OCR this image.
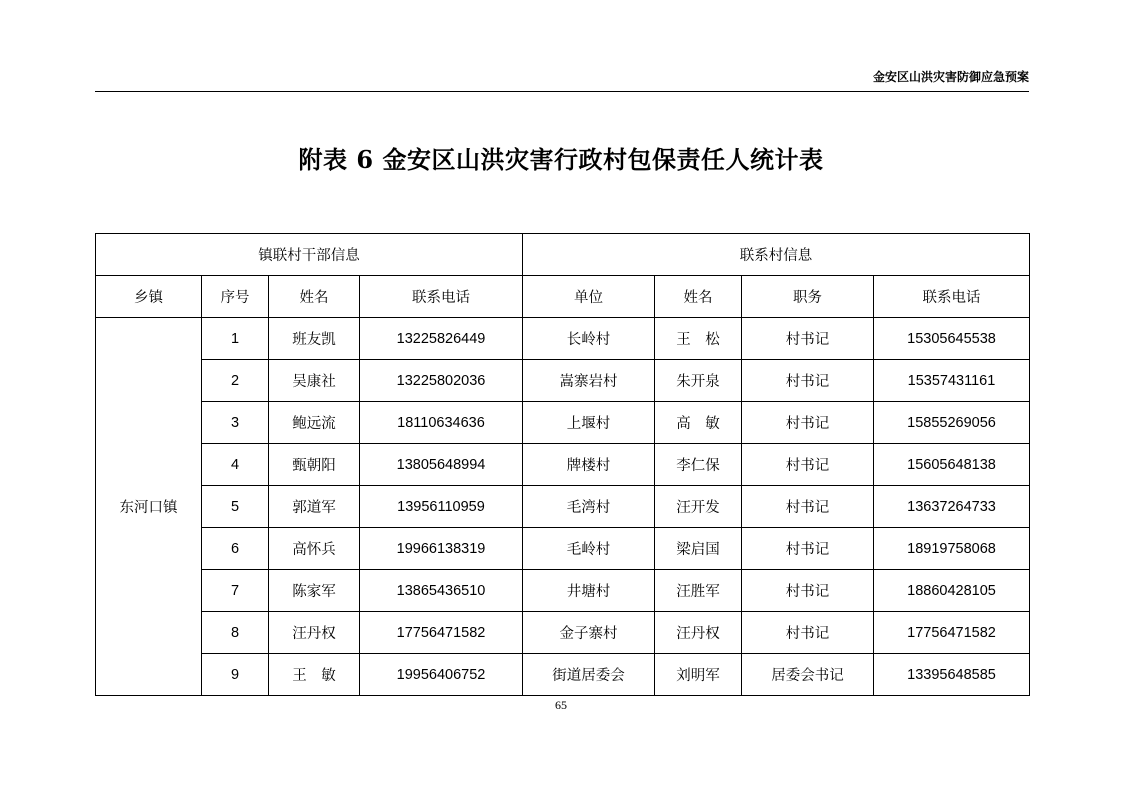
金安区山洪灾害防御应急预案
附表 6 金安区山洪灾害行政村包保责任人统计表
镇联村干部信息				联系村信息			
乡镇	序号	姓名	联系电话	单位	姓名	职务	联系电话
东河口镇	1	班友凯	13225826449	长岭村	王　松	村书记	15305645538
	2	吴康社	13225802036	嵩寨岩村	朱开泉	村书记	15357431161
	3	鲍远流	18110634636	上堰村	高　敏	村书记	15855269056
	4	甄朝阳	13805648994	牌楼村	李仁保	村书记	15605648138
	5	郭道军	13956110959	毛湾村	汪开发	村书记	13637264733
	6	高怀兵	19966138319	毛岭村	梁启国	村书记	18919758068
	7	陈家军	13865436510	井塘村	汪胜军	村书记	18860428105
	8	汪丹权	17756471582	金子寨村	汪丹权	村书记	17756471582
	9	王　敏	19956406752	街道居委会	刘明军	居委会书记	13395648585
65
